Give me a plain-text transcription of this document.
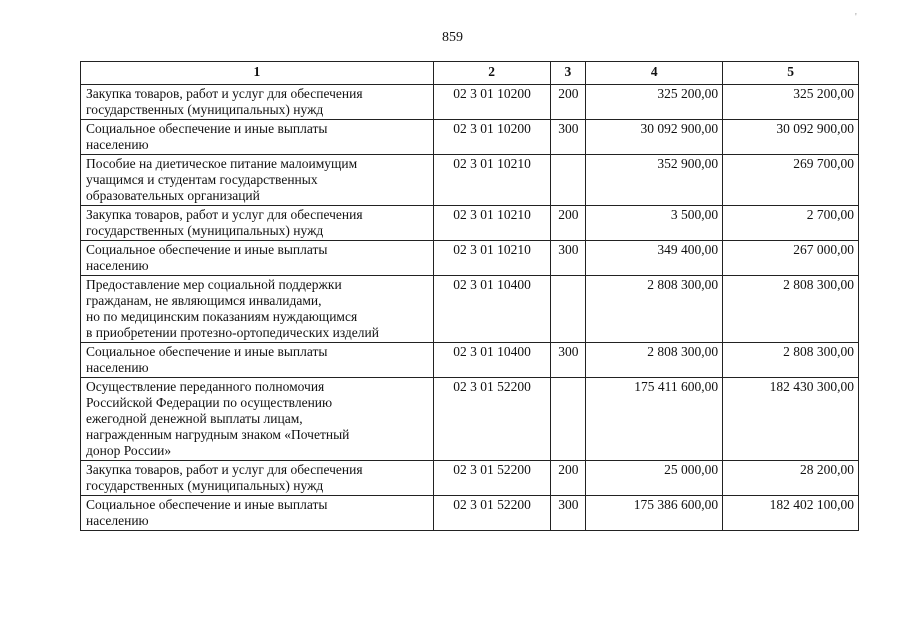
859
'
1	2	3	4	5

Закупка товаров, работ и услуг для обеспечения
государственных (муниципальных) нужд	02 3 01 10200	200	325 200,00	325 200,00

Социальное обеспечение и иные выплаты
населению	02 3 01 10200	300	30 092 900,00	30 092 900,00

Пособие на диетическое питание малоимущим
учащимся и студентам государственных
образовательных организаций	02 3 01 10210		352 900,00	269 700,00

Закупка товаров, работ и услуг для обеспечения
государственных (муниципальных) нужд	02 3 01 10210	200	3 500,00	2 700,00

Социальное обеспечение и иные выплаты
населению	02 3 01 10210	300	349 400,00	267 000,00

Предоставление мер социальной поддержки
гражданам, не являющимся инвалидами,
но по медицинским показаниям нуждающимся
в приобретении протезно-ортопедических изделий	02 3 01 10400		2 808 300,00	2 808 300,00

Социальное обеспечение и иные выплаты
населению	02 3 01 10400	300	2 808 300,00	2 808 300,00

Осуществление переданного полномочия
Российской Федерации по осуществлению
ежегодной денежной выплаты лицам,
награжденным нагрудным знаком «Почетный
донор России»	02 3 01 52200		175 411 600,00	182 430 300,00

Закупка товаров, работ и услуг для обеспечения
государственных (муниципальных) нужд	02 3 01 52200	200	25 000,00	28 200,00

Социальное обеспечение и иные выплаты
населению	02 3 01 52200	300	175 386 600,00	182 402 100,00
